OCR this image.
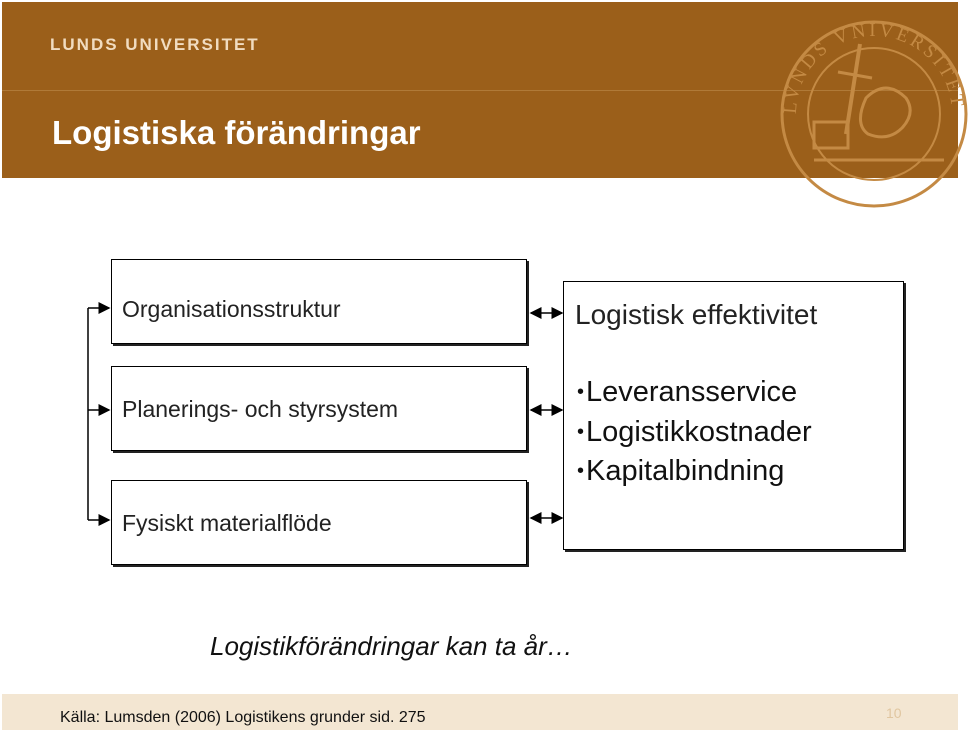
LUNDS UNIVERSITET
Logistiska förändringar
LVNDS VNIVERSITET
Organisationsstruktur
Planerings- och styrsystem
Fysiskt materialflöde
Logistisk effektivitet
•Leveransservice
•Logistikkostnader
•Kapitalbindning
Logistikförändringar kan ta år…
Källa: Lumsden (2006) Logistikens grunder sid. 275	10
